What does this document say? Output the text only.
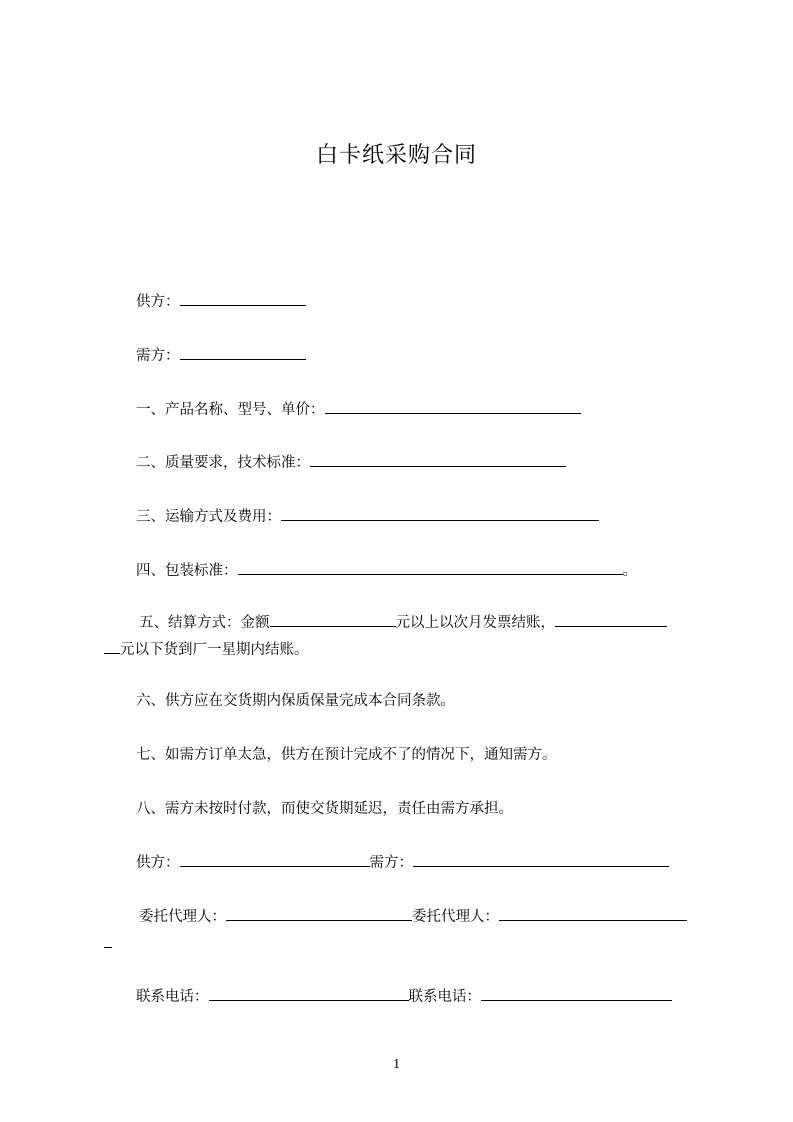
白卡纸采购合同
供方：
需方：
一、产品名称、型号、单价：
二、质量要求，技术标准：
三、运输方式及费用：
四、包装标准：	。
五、结算方式：金额	元以上以次月发票结账，
元以下货到厂一星期内结账。
六、供方应在交货期内保质保量完成本合同条款。
七、如需方订单太急，供方在预计完成不了的情况下，通知需方。
八、需方未按时付款，而使交货期延迟，责任由需方承担。
供方：	需方：
委托代理人：	委托代理人：
联系电话：	联系电话：
1
